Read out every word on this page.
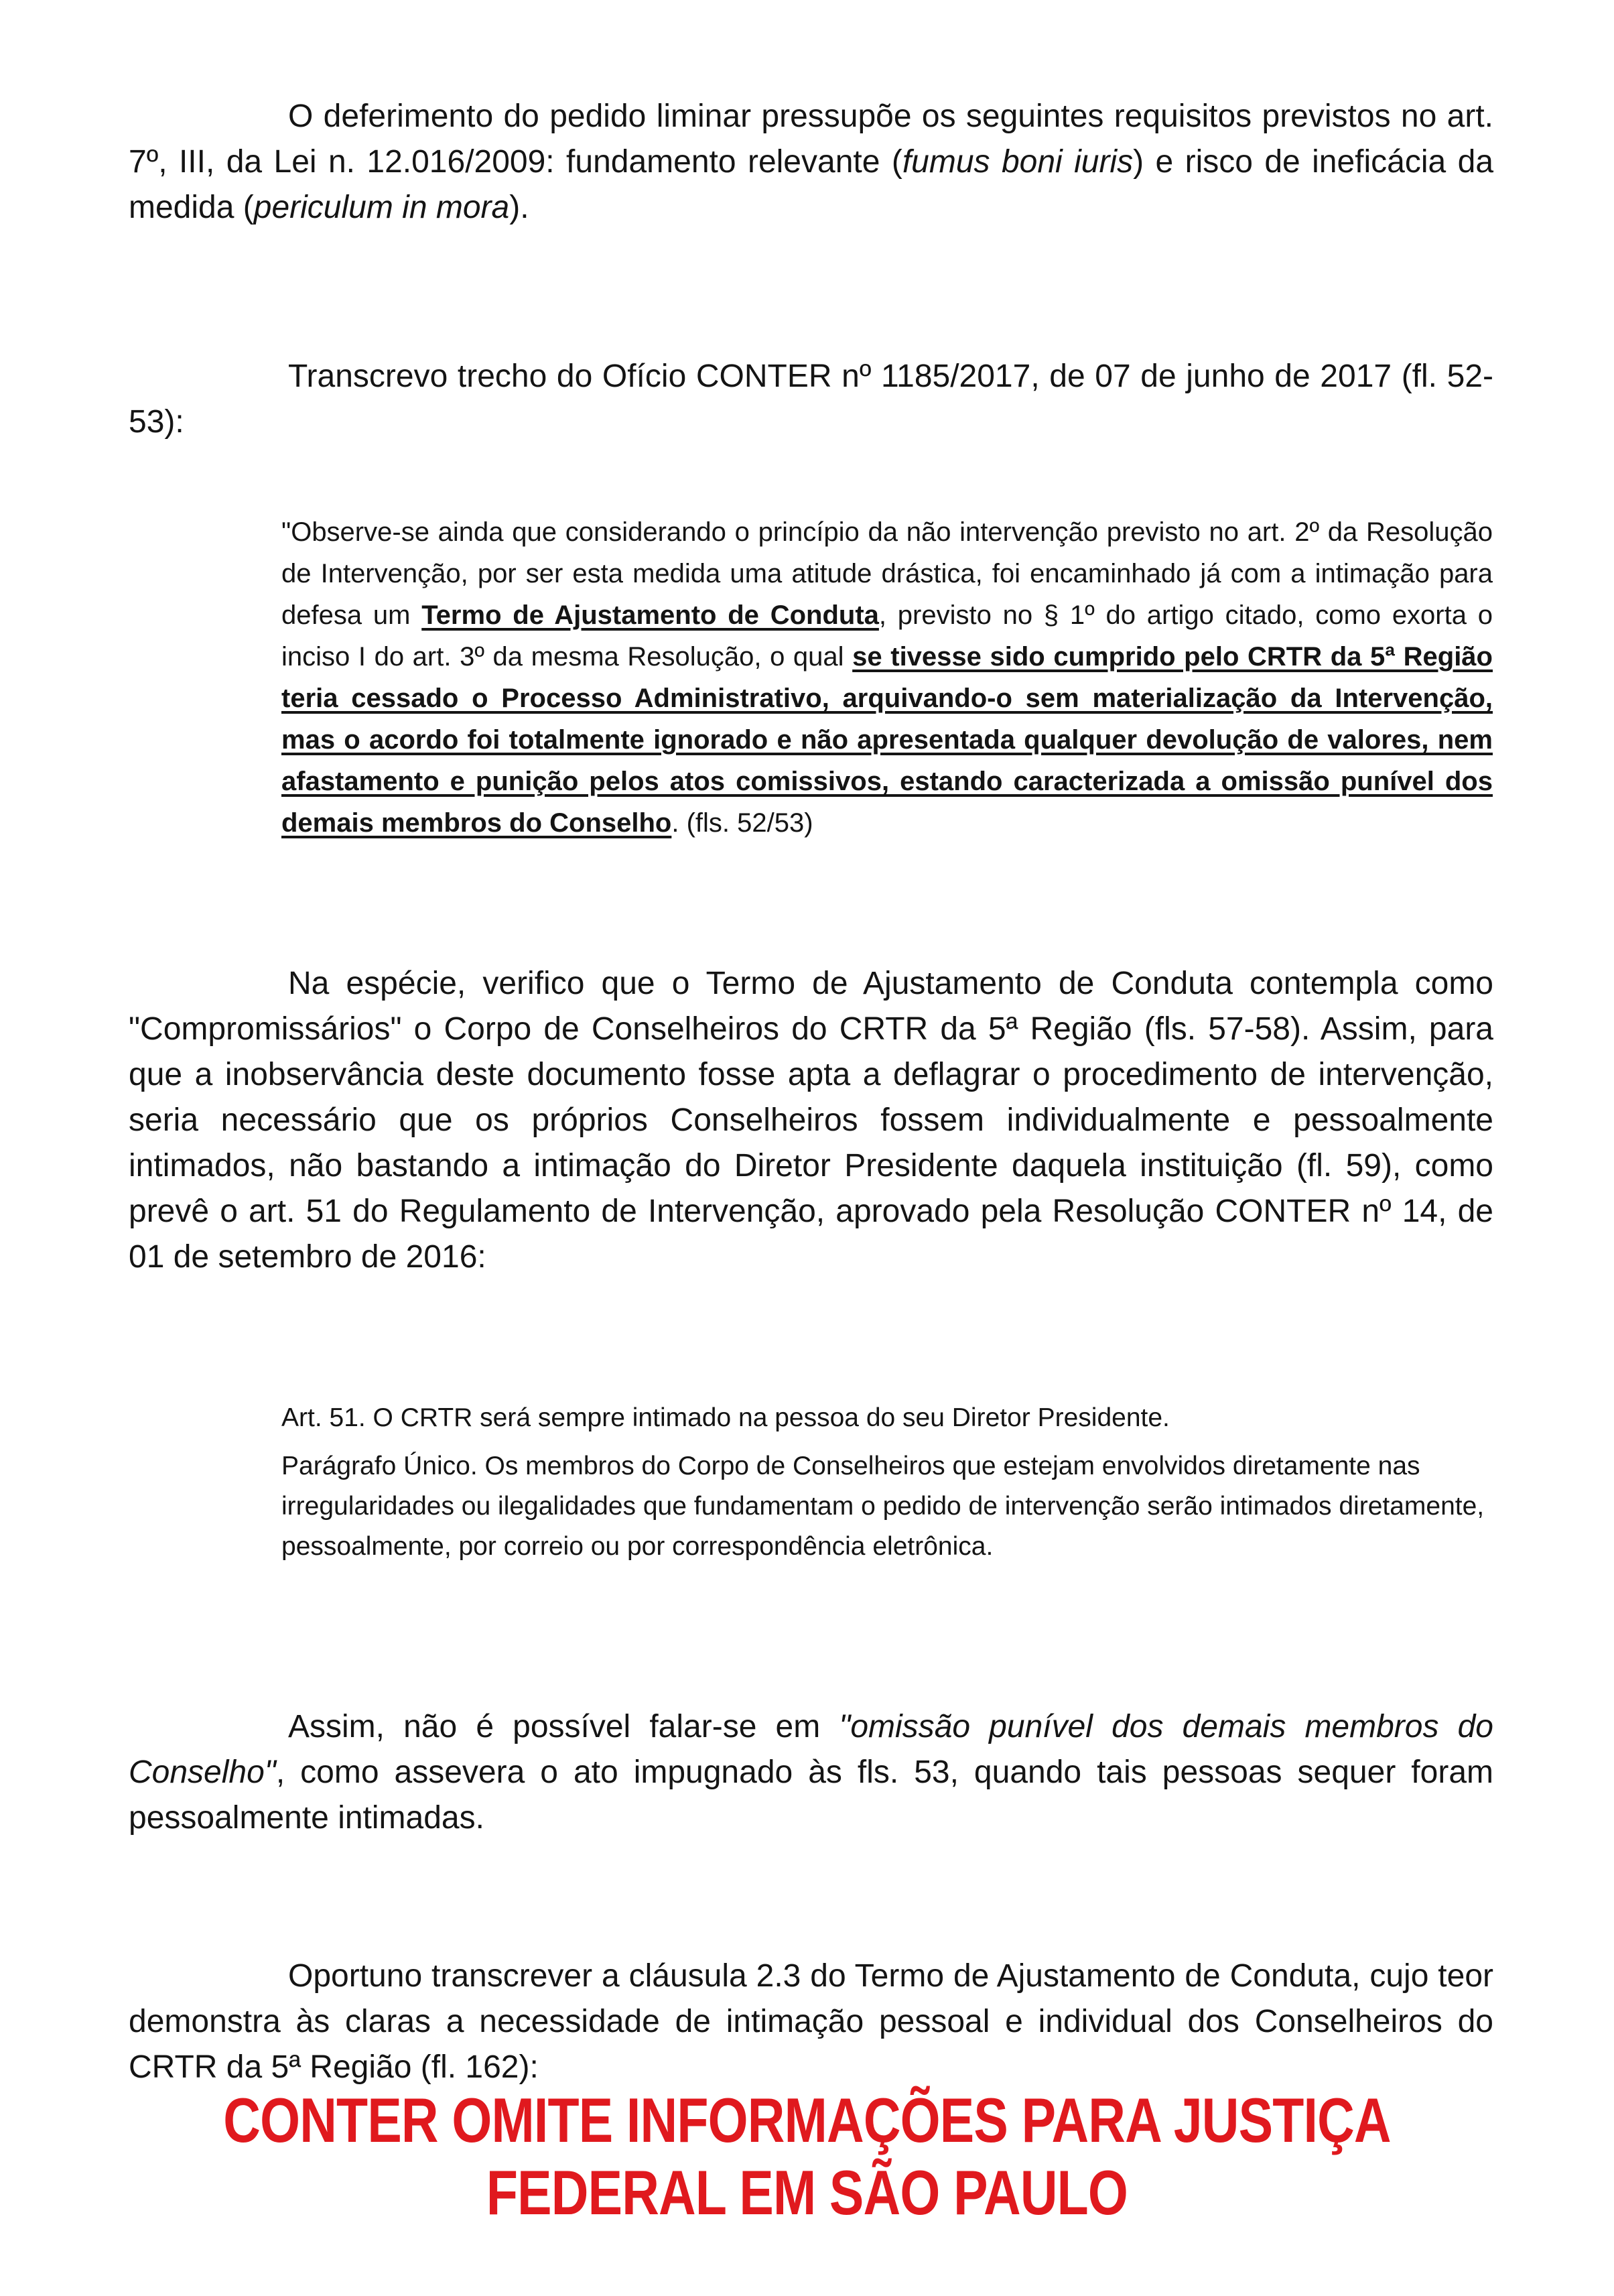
O deferimento do pedido liminar pressupõe os seguintes requisitos previstos no art. 7º, III, da Lei n. 12.016/2009: fundamento relevante (fumus boni iuris) e risco de ineficácia da medida (periculum in mora).

Transcrevo trecho do Ofício CONTER nº 1185/2017, de 07 de junho de 2017 (fl. 52-53):

"Observe-se ainda que considerando o princípio da não intervenção previsto no art. 2º da Resolução de Intervenção, por ser esta medida uma atitude drástica, foi encaminhado já com a intimação para defesa um Termo de Ajustamento de Conduta, previsto no § 1º do artigo citado, como exorta o inciso I do art. 3º da mesma Resolução, o qual se tivesse sido cumprido pelo CRTR da 5ª Região teria cessado o Processo Administrativo, arquivando-o sem materialização da Intervenção, mas o acordo foi totalmente ignorado e não apresentada qualquer devolução de valores, nem afastamento e punição pelos atos comissivos, estando caracterizada a omissão punível dos demais membros do Conselho. (fls. 52/53)

Na espécie, verifico que o Termo de Ajustamento de Conduta contempla como "Compromissários" o Corpo de Conselheiros do CRTR da 5ª Região (fls. 57-58). Assim, para que a inobservância deste documento fosse apta a deflagrar o procedimento de intervenção, seria necessário que os próprios Conselheiros fossem individualmente e pessoalmente intimados, não bastando a intimação do Diretor Presidente daquela instituição (fl. 59), como prevê o art. 51 do Regulamento de Intervenção, aprovado pela Resolução CONTER nº 14, de 01 de setembro de 2016:

Art. 51. O CRTR será sempre intimado na pessoa do seu Diretor Presidente.

Parágrafo Único. Os membros do Corpo de Conselheiros que estejam envolvidos diretamente nas irregularidades ou ilegalidades que fundamentam o pedido de intervenção serão intimados diretamente, pessoalmente, por correio ou por correspondência eletrônica.

Assim, não é possível falar-se em "omissão punível dos demais membros do Conselho", como assevera o ato impugnado às fls. 53, quando tais pessoas sequer foram pessoalmente intimadas.

Oportuno transcrever a cláusula 2.3 do Termo de Ajustamento de Conduta, cujo teor demonstra às claras a necessidade de intimação pessoal e individual dos Conselheiros do CRTR da 5ª Região (fl. 162):

CONTER OMITE INFORMAÇÕES PARA JUSTIÇA FEDERAL EM SÃO PAULO
